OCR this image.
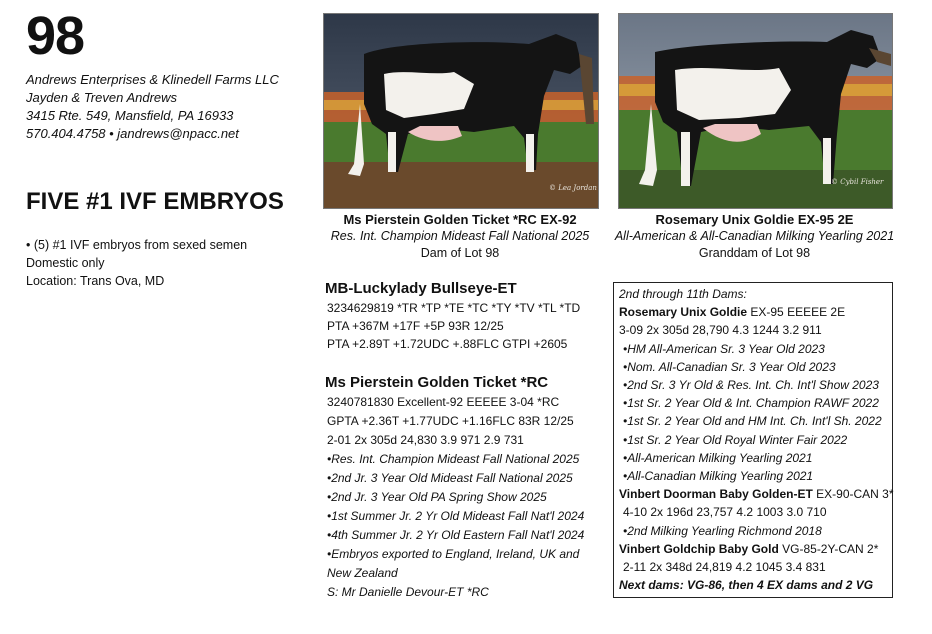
98
Andrews Enterprises & Klinedell Farms LLC
Jayden & Treven Andrews
3415 Rte. 549, Mansfield, PA 16933
570.404.4758 • jandrews@npacc.net
FIVE #1 IVF EMBRYOS
• (5) #1 IVF embryos from sexed semen
Domestic only
Location: Trans Ova, MD
© Lea Jordan
© Cybil Fisher
Ms Pierstein Golden Ticket *RC EX-92
Res. Int. Champion Mideast Fall National 2025
Dam of Lot 98
Rosemary Unix Goldie EX-95 2E
All-American & All-Canadian Milking Yearling 2021
Granddam of Lot 98
MB-Luckylady Bullseye-ET
3234629819 *TR *TP *TE *TC *TY *TV *TL *TD
PTA +367M +17F +5P 93R 12/25
PTA +2.89T +1.72UDC +.88FLC GTPI +2605
Ms Pierstein Golden Ticket *RC
3240781830 Excellent-92 EEEEE 3-04 *RC
GPTA +2.36T +1.77UDC +1.16FLC 83R 12/25
2-01 2x 305d 24,830 3.9 971 2.9 731
•Res. Int. Champion Mideast Fall National 2025
•2nd Jr. 3 Year Old Mideast Fall National 2025
•2nd Jr. 3 Year Old PA Spring Show 2025
•1st Summer Jr. 2 Yr Old Mideast Fall Nat'l 2024
•4th Summer Jr. 2 Yr Old Eastern Fall Nat'l 2024
•Embryos exported to England, Ireland, UK and
New Zealand
S: Mr Danielle Devour-ET *RC
2nd through 11th Dams:
Rosemary Unix Goldie EX-95 EEEEE 2E
3-09 2x 305d 28,790 4.3 1244 3.2 911
•HM All-American Sr. 3 Year Old 2023
•Nom. All-Canadian Sr. 3 Year Old 2023
•2nd Sr. 3 Yr Old & Res. Int. Ch. Int'l Show 2023
•1st Sr. 2 Year Old & Int. Champion RAWF 2022
•1st Sr. 2 Year Old and HM Int. Ch. Int'l Sh. 2022
•1st Sr. 2 Year Old Royal Winter Fair 2022
•All-American Milking Yearling 2021
•All-Canadian Milking Yearling 2021
Vinbert Doorman Baby Golden-ET EX-90-CAN 3*
4-10 2x 196d 23,757 4.2 1003 3.0 710
•2nd Milking Yearling Richmond 2018
Vinbert Goldchip Baby Gold VG-85-2Y-CAN 2*
2-11 2x 348d 24,819 4.2 1045 3.4 831
Next dams: VG-86, then 4 EX dams and 2 VG
